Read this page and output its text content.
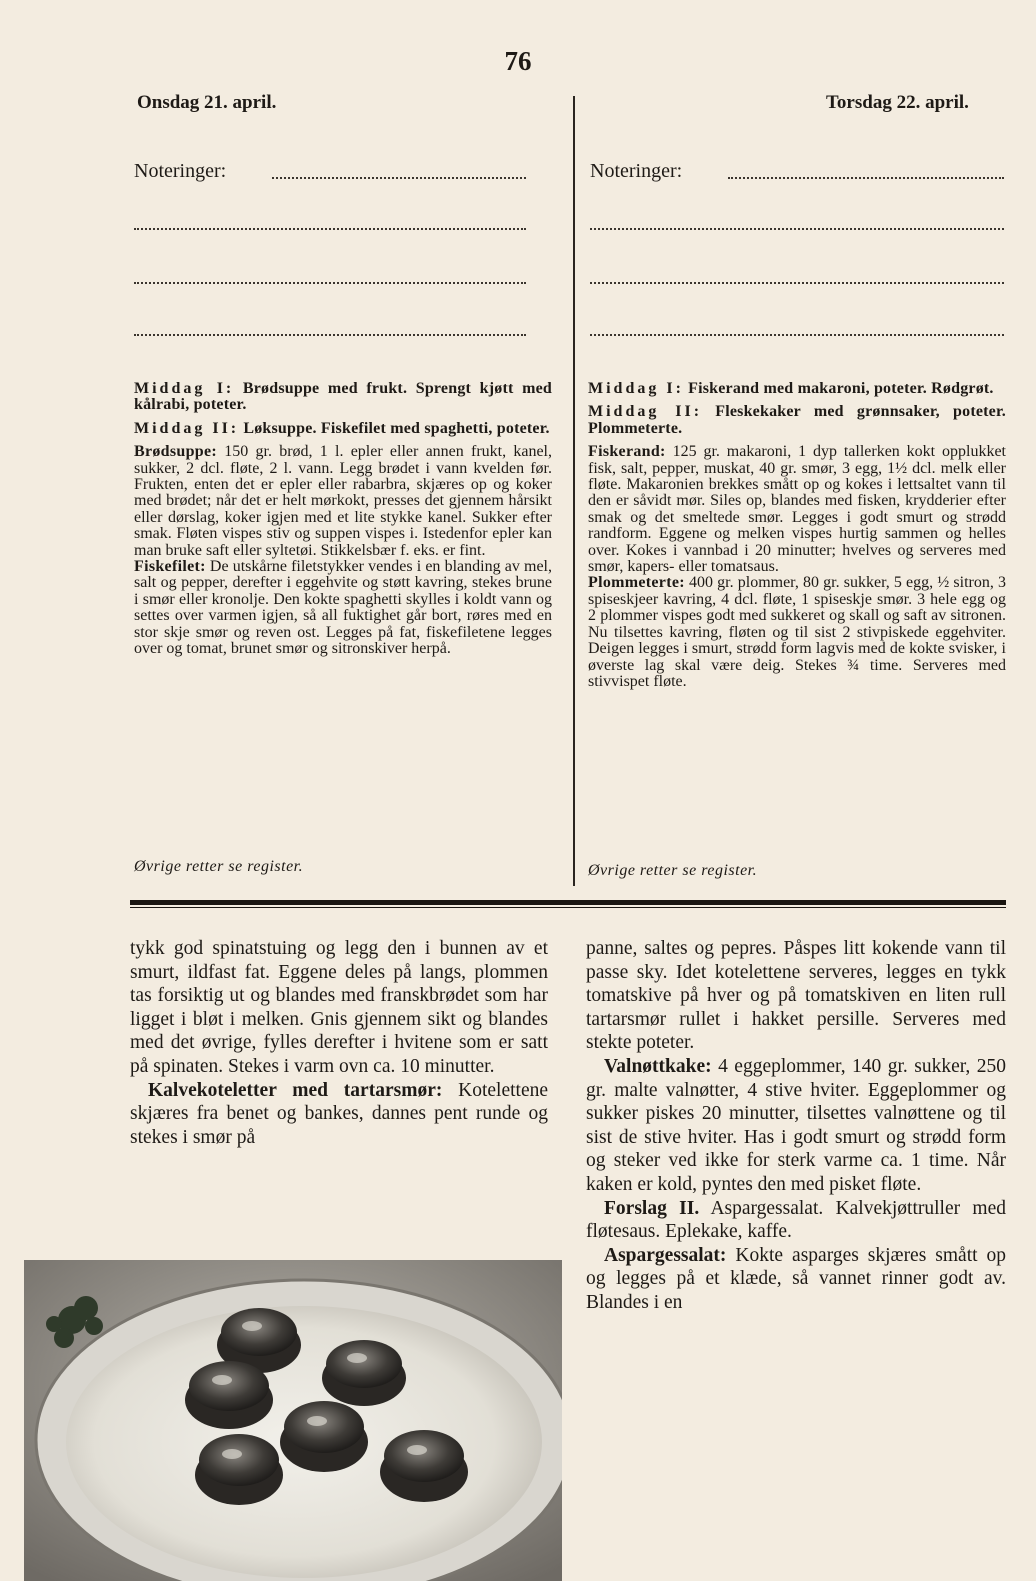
76
Onsdag 21. april.
Noteringer:

Middag I: Brødsuppe med frukt. Sprengt kjøtt med kålrabi, poteter.

Middag II: Løksuppe. Fiskefilet med spaghetti, poteter.

Brødsuppe: 150 gr. brød, 1 l. epler eller annen frukt, kanel, sukker, 2 dcl. fløte, 2 l. vann. Legg brødet i vann kvelden før. Frukten, enten det er epler eller rabarbra, skjæres op og koker med brødet; når det er helt mørkokt, presses det gjennem hårsikt eller dørslag, koker igjen med et lite stykke kanel. Sukker efter smak. Fløten vispes stiv og suppen vispes i. Istedenfor epler kan man bruke saft eller syltetøi. Stikkelsbær f. eks. er fint.

Fiskefilet: De utskårne filetstykker vendes i en blanding av mel, salt og pepper, derefter i eggehvite og støtt kavring, stekes brune i smør eller kronolje. Den kokte spaghetti skylles i koldt vann og settes over varmen igjen, så all fuktighet går bort, røres med en stor skje smør og reven ost. Legges på fat, fiskefiletene legges over og tomat, brunet smør og sitronskiver herpå.

Øvrige retter se register.
Torsdag 22. april.
Noteringer:

Middag I: Fiskerand med makaroni, poteter. Rødgrøt.

Middag II: Fleskekaker med grønnsaker, poteter. Plommeterte.

Fiskerand: 125 gr. makaroni, 1 dyp tallerken kokt opplukket fisk, salt, pepper, muskat, 40 gr. smør, 3 egg, 1½ dcl. melk eller fløte. Makaronien brekkes smått op og kokes i lettsaltet vann til den er såvidt mør. Siles op, blandes med fisken, krydderier efter smak og det smeltede smør. Legges i godt smurt og strødd randform. Eggene og melken vispes hurtig sammen og helles over. Kokes i vannbad i 20 minutter; hvelves og serveres med smør, kapers- eller tomatsaus.

Plommeterte: 400 gr. plommer, 80 gr. sukker, 5 egg, ½ sitron, 3 spiseskjeer kavring, 4 dcl. fløte, 1 spiseskje smør. 3 hele egg og 2 plommer vispes godt med sukkeret og skall og saft av sitronen. Nu tilsettes kavring, fløten og til sist 2 stivpiskede eggehviter. Deigen legges i smurt, strødd form lagvis med de kokte svisker, i øverste lag skal være deig. Stekes ¾ time. Serveres med stivvispet fløte.

Øvrige retter se register.

tykk god spinatstuing og legg den i bunnen av et smurt, ildfast fat. Eggene deles på langs, plommen tas forsiktig ut og blandes med franskbrødet som har ligget i bløt i melken. Gnis gjennem sikt og blandes med det øvrige, fylles derefter i hvitene som er satt på spinaten. Stekes i varm ovn ca. 10 minutter.

Kalvekoteletter med tartarsmør: Kotelettene skjæres fra benet og bankes, dannes pent runde og stekes i smør på

panne, saltes og pepres. Påspes litt kokende vann til passe sky. Idet kotelettene serveres, legges en tykk tomatskive på hver og på tomatskiven en liten rull tartarsmør rullet i hakket persille. Serveres med stekte poteter.

Valnøttkake: 4 eggeplommer, 140 gr. sukker, 250 gr. malte valnøtter, 4 stive hviter. Eggeplommer og sukker piskes 20 minutter, tilsettes valnøttene og til sist de stive hviter. Has i godt smurt og strødd form og steker ved ikke for sterk varme ca. 1 time. Når kaken er kold, pyntes den med pisket fløte.

Forslag II. Aspargessalat. Kalvekjøttruller med fløtesaus. Eplekake, kaffe.

Aspargessalat: Kokte asparges skjæres smått op og legges på et klæde, så vannet rinner godt av. Blandes i en
